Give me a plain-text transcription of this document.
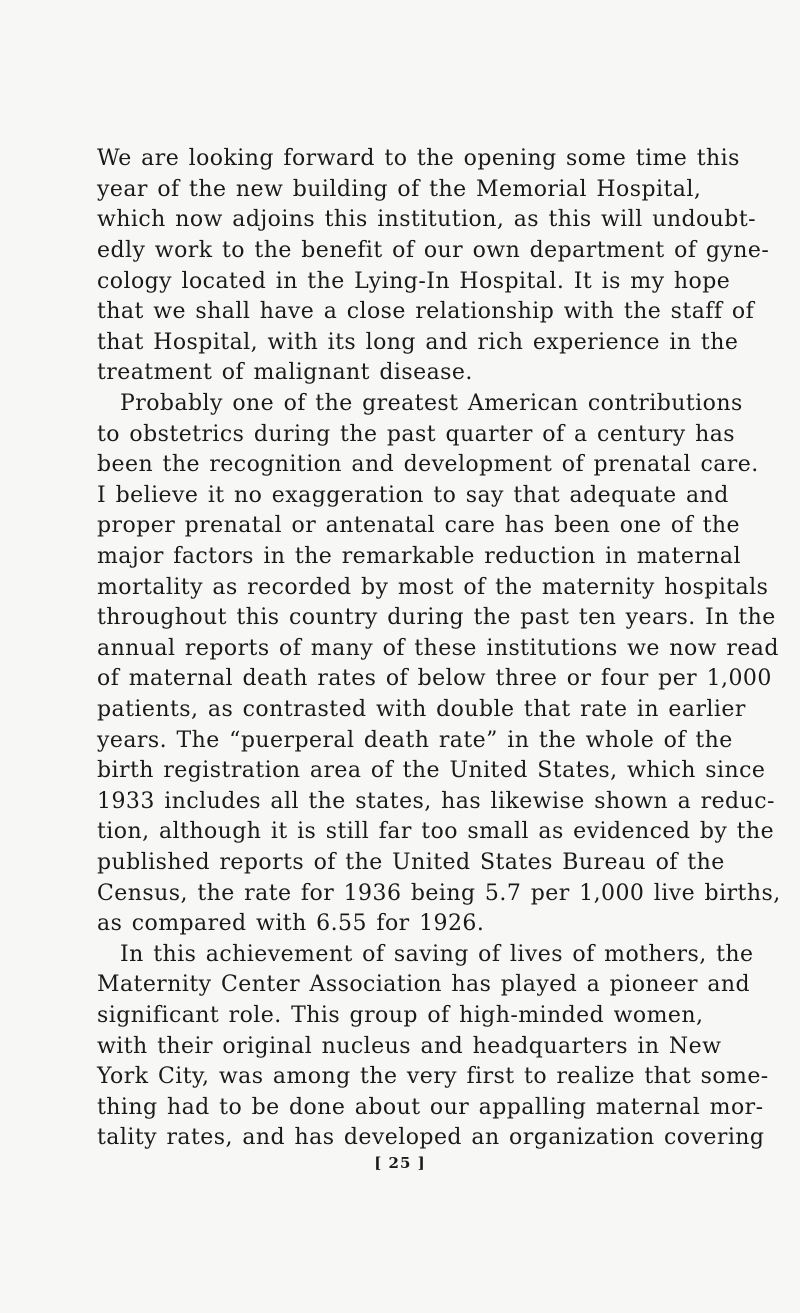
We are looking forward to the opening some time this
year of the new building of the Memorial Hospital,
which now adjoins this institution, as this will undoubt-
edly work to the benefit of our own department of gyne-
cology located in the Lying-In Hospital. It is my hope
that we shall have a close relationship with the staff of
that Hospital, with its long and rich experience in the
treatment of malignant disease.
Probably one of the greatest American contributions
to obstetrics during the past quarter of a century has
been the recognition and development of prenatal care.
I believe it no exaggeration to say that adequate and
proper prenatal or antenatal care has been one of the
major factors in the remarkable reduction in maternal
mortality as recorded by most of the maternity hospitals
throughout this country during the past ten years. In the
annual reports of many of these institutions we now read
of maternal death rates of below three or four per 1,000
patients, as contrasted with double that rate in earlier
years. The “puerperal death rate” in the whole of the
birth registration area of the United States, which since
1933 includes all the states, has likewise shown a reduc-
tion, although it is still far too small as evidenced by the
published reports of the United States Bureau of the
Census, the rate for 1936 being 5.7 per 1,000 live births,
as compared with 6.55 for 1926.
In this achievement of saving of lives of mothers, the
Maternity Center Association has played a pioneer and
significant role. This group of high-minded women,
with their original nucleus and headquarters in New
York City, was among the very first to realize that some-
thing had to be done about our appalling maternal mor-
tality rates, and has developed an organization covering
[ 25 ]
